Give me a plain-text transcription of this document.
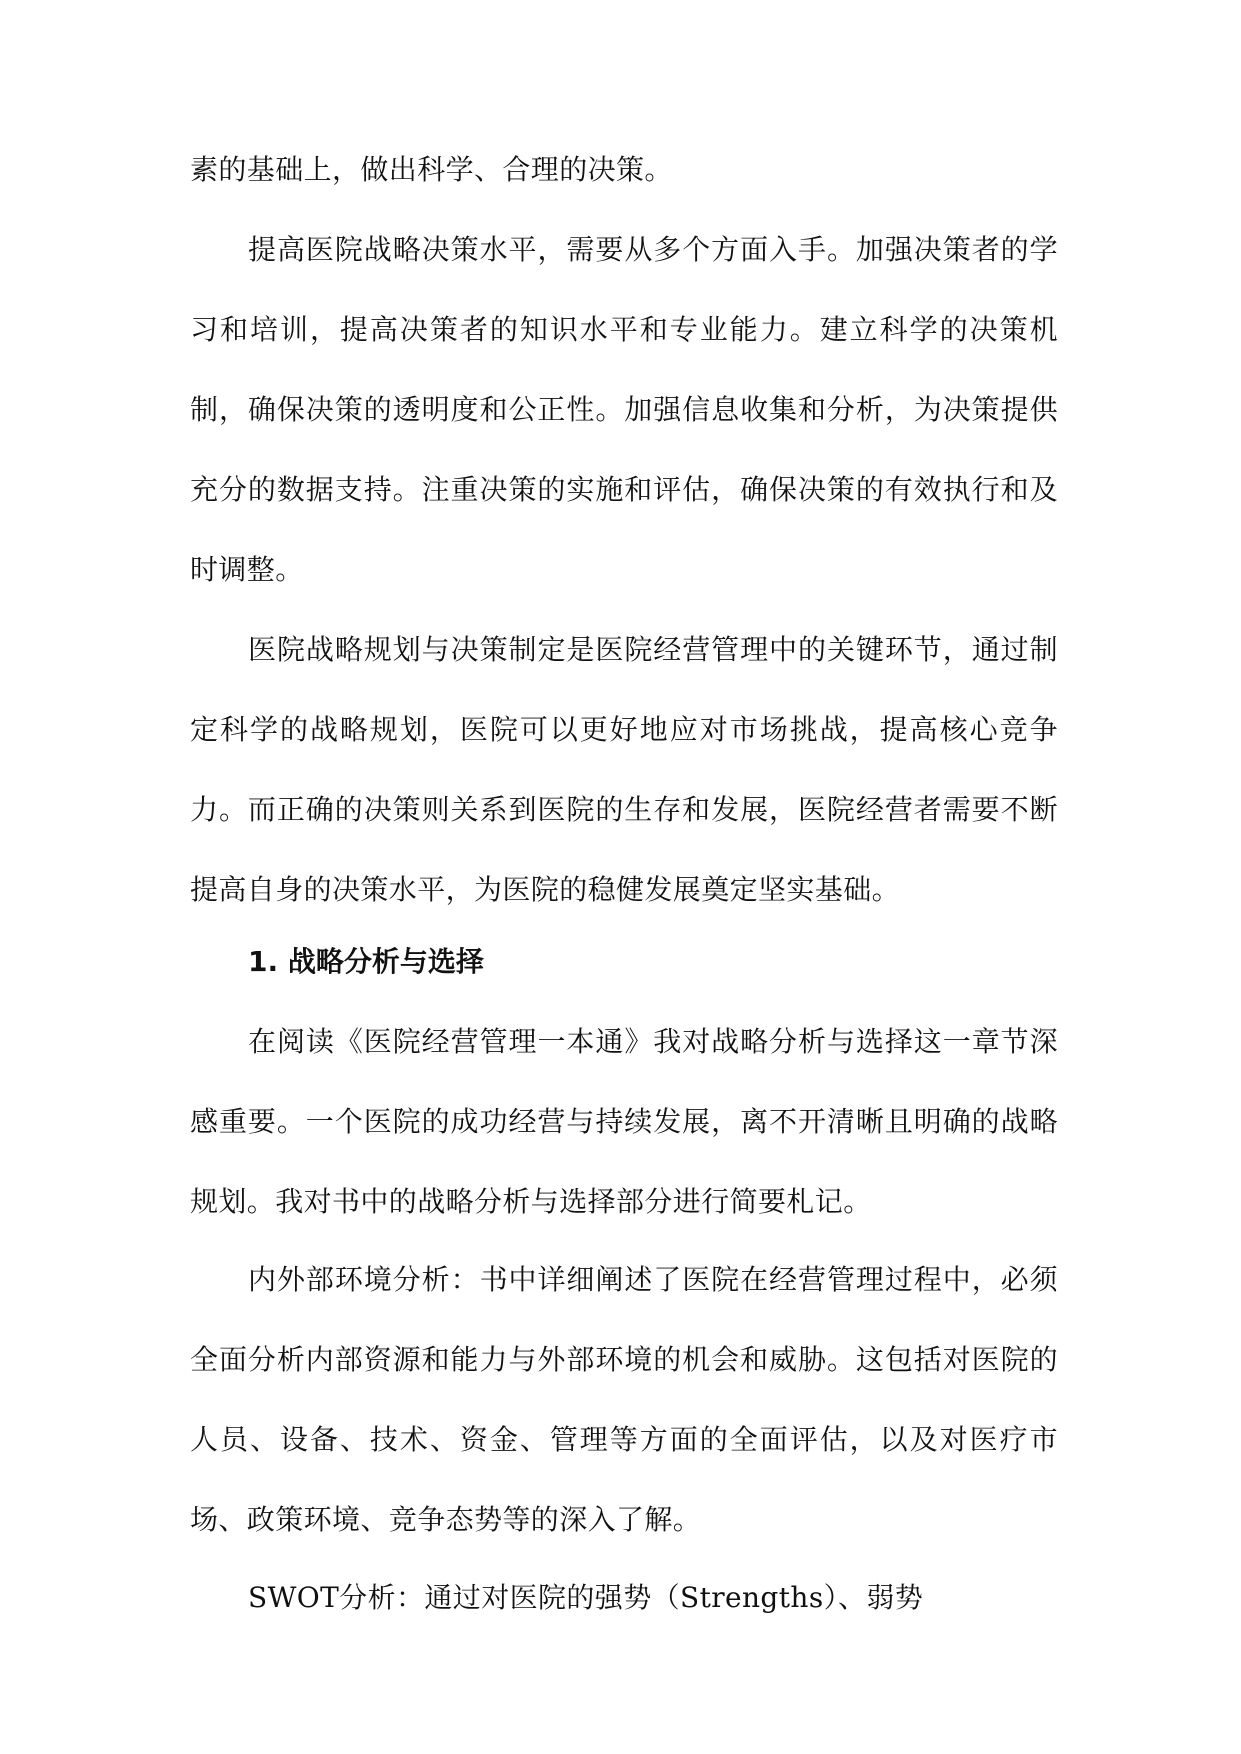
素的基础上，做出科学、合理的决策。

提高医院战略决策水平，需要从多个方面入手。加强决策者的学习和培训，提高决策者的知识水平和专业能力。建立科学的决策机制，确保决策的透明度和公正性。加强信息收集和分析，为决策提供充分的数据支持。注重决策的实施和评估，确保决策的有效执行和及时调整。

医院战略规划与决策制定是医院经营管理中的关键环节，通过制定科学的战略规划，医院可以更好地应对市场挑战，提高核心竞争力。而正确的决策则关系到医院的生存和发展，医院经营者需要不断提高自身的决策水平，为医院的稳健发展奠定坚实基础。

1. 战略分析与选择

在阅读《医院经营管理一本通》我对战略分析与选择这一章节深感重要。一个医院的成功经营与持续发展，离不开清晰且明确的战略规划。我对书中的战略分析与选择部分进行简要札记。

内外部环境分析：书中详细阐述了医院在经营管理过程中，必须全面分析内部资源和能力与外部环境的机会和威胁。这包括对医院的人员、设备、技术、资金、管理等方面的全面评估，以及对医疗市场、政策环境、竞争态势等的深入了解。

SWOT分析：通过对医院的强势（Strengths）、弱势
